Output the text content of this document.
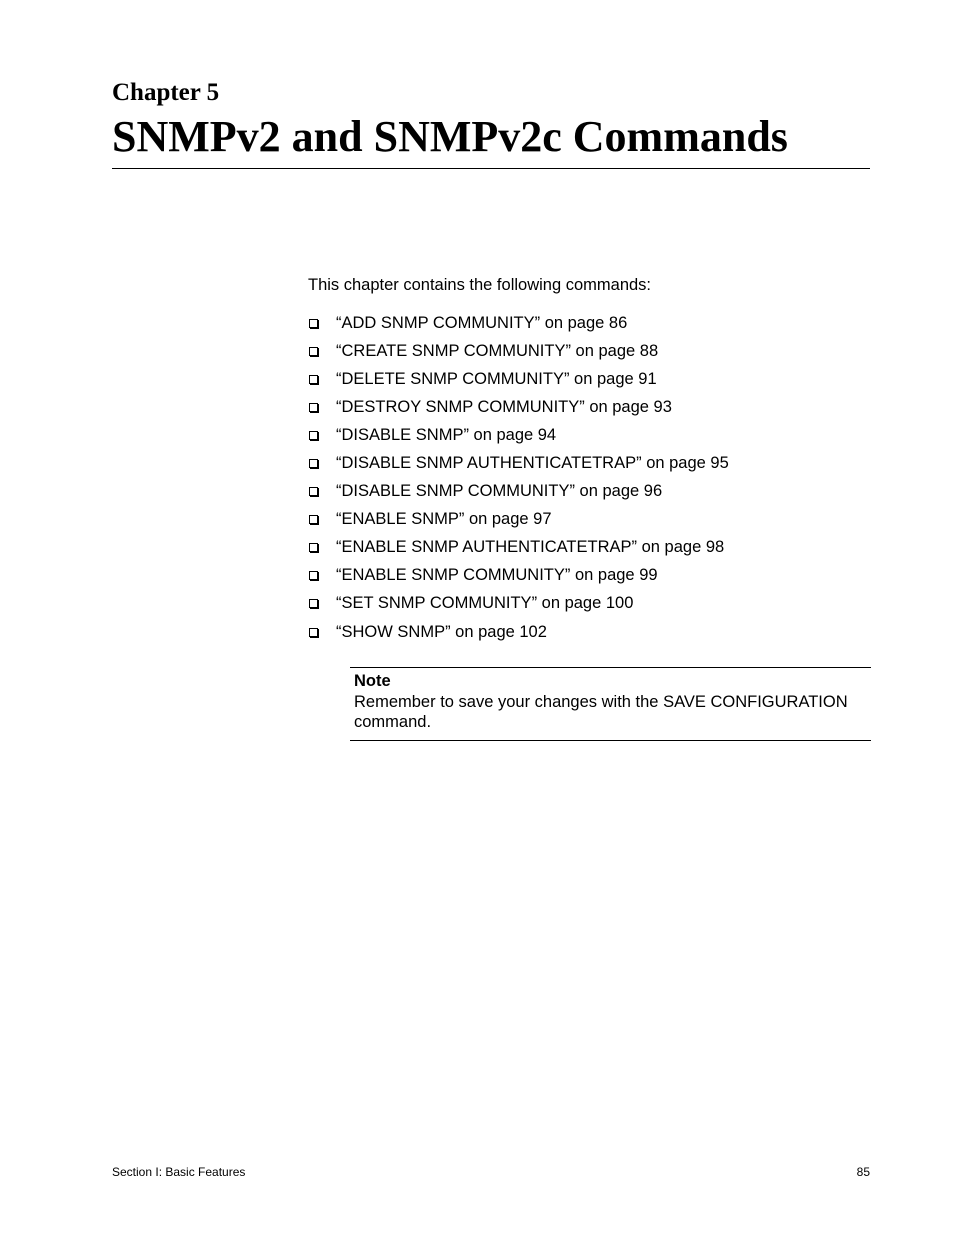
Chapter 5
SNMPv2 and SNMPv2c Commands
This chapter contains the following commands:
“ADD SNMP COMMUNITY” on page 86
“CREATE SNMP COMMUNITY” on page 88
“DELETE SNMP COMMUNITY” on page 91
“DESTROY SNMP COMMUNITY” on page 93
“DISABLE SNMP” on page 94
“DISABLE SNMP AUTHENTICATETRAP” on page 95
“DISABLE SNMP COMMUNITY” on page 96
“ENABLE SNMP” on page 97
“ENABLE SNMP AUTHENTICATETRAP” on page 98
“ENABLE SNMP COMMUNITY” on page 99
“SET SNMP COMMUNITY” on page 100
“SHOW SNMP” on page 102
Note
Remember to save your changes with the SAVE CONFIGURATION command.
Section I: Basic Features	85
